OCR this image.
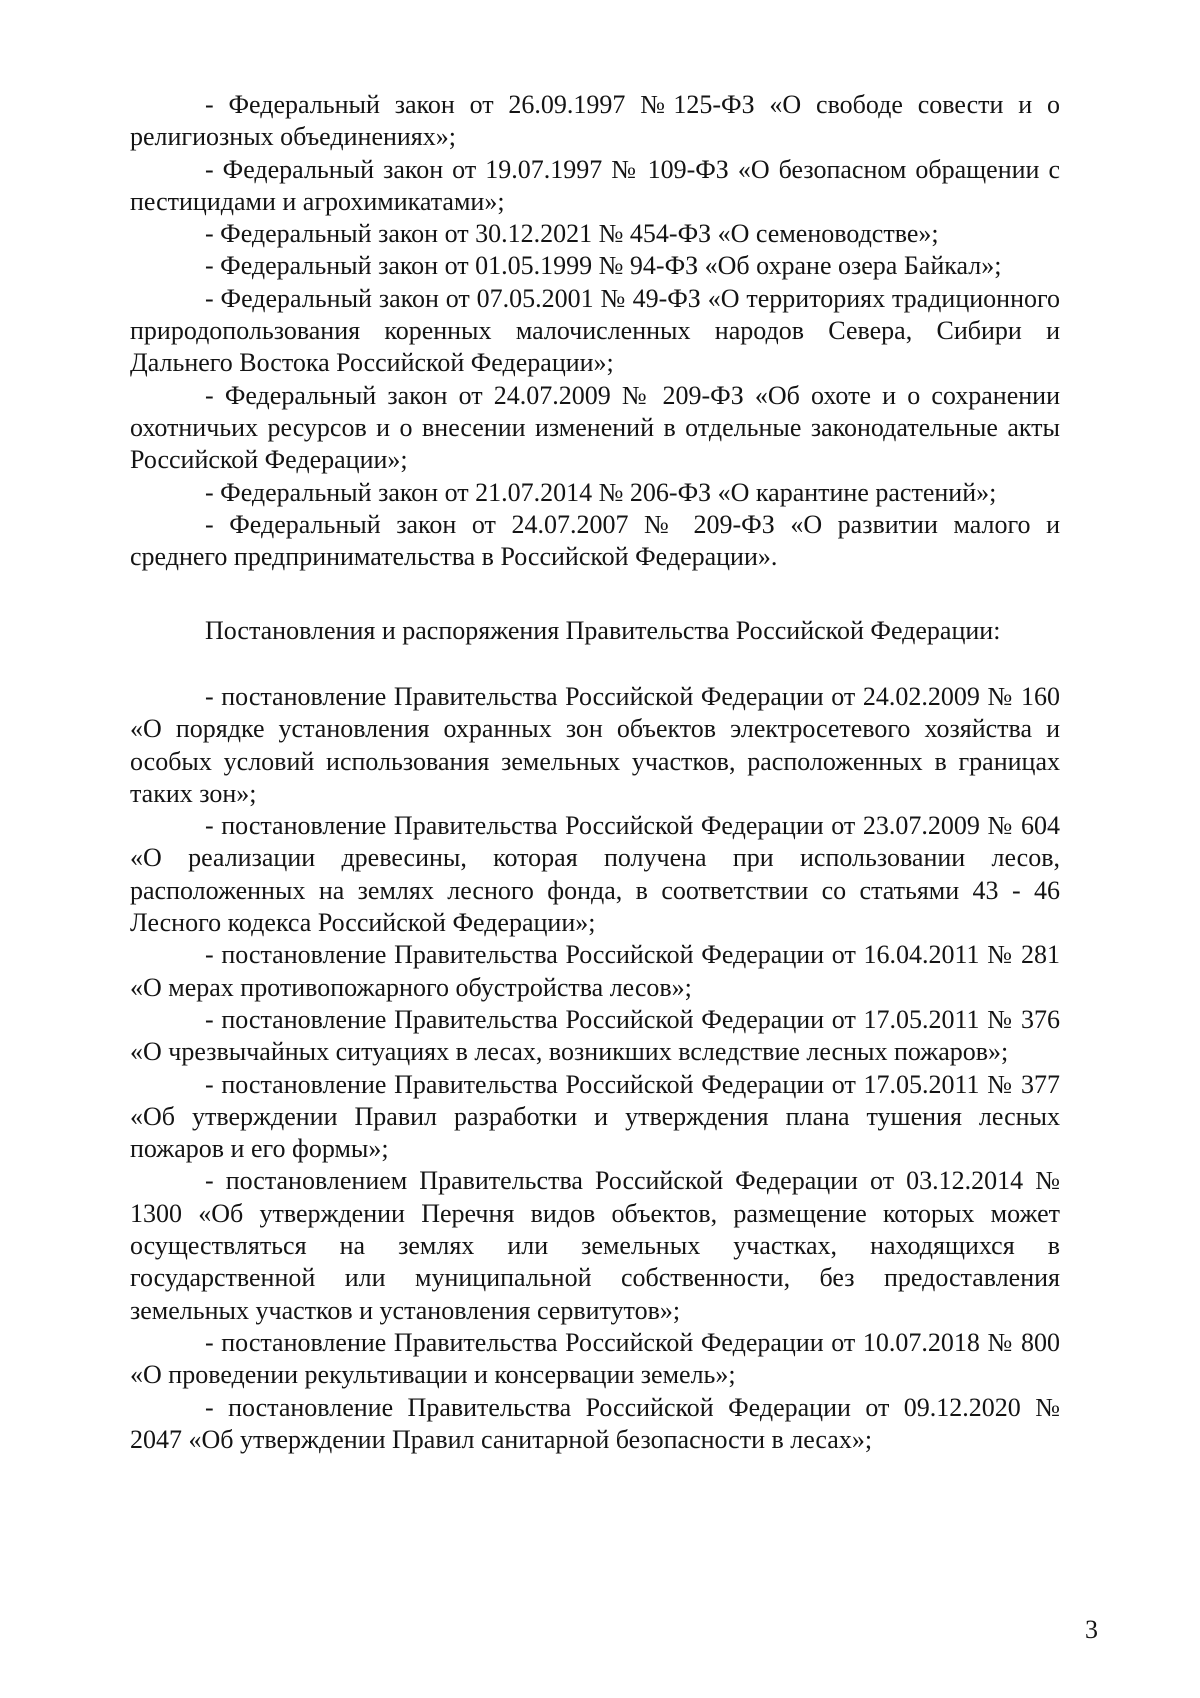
- Федеральный закон от 26.09.1997 №125-ФЗ «О свободе совести и о религиозных объединениях»;

- Федеральный закон от 19.07.1997 № 109-ФЗ «О безопасном обращении с пестицидами и агрохимикатами»;

- Федеральный закон от 30.12.2021 № 454-ФЗ «О семеноводстве»;

- Федеральный закон от 01.05.1999 № 94-ФЗ «Об охране озера Байкал»;

- Федеральный закон от 07.05.2001 № 49-ФЗ «О территориях традиционного природопользования коренных малочисленных народов Севера, Сибири и Дальнего Востока Российской Федерации»;

- Федеральный закон от 24.07.2009 № 209-ФЗ «Об охоте и о сохранении охотничьих ресурсов и о внесении изменений в отдельные законодательные акты Российской Федерации»;

- Федеральный закон от 21.07.2014 № 206-ФЗ «О карантине растений»;

- Федеральный закон от 24.07.2007 № 209-ФЗ «О развитии малого и среднего предпринимательства в Российской Федерации».

Постановления и распоряжения Правительства Российской Федерации:

- постановление Правительства Российской Федерации от 24.02.2009 № 160 «О порядке установления охранных зон объектов электросетевого хозяйства и особых условий использования земельных участков, расположенных в границах таких зон»;

- постановление Правительства Российской Федерации от 23.07.2009 № 604 «О реализации древесины, которая получена при использовании лесов, расположенных на землях лесного фонда, в соответствии со статьями 43 - 46 Лесного кодекса Российской Федерации»;

- постановление Правительства Российской Федерации от 16.04.2011 № 281 «О мерах противопожарного обустройства лесов»;

- постановление Правительства Российской Федерации от 17.05.2011 № 376 «О чрезвычайных ситуациях в лесах, возникших вследствие лесных пожаров»;

- постановление Правительства Российской Федерации от 17.05.2011 № 377 «Об утверждении Правил разработки и утверждения плана тушения лесных пожаров и его формы»;

- постановлением Правительства Российской Федерации от 03.12.2014 № 1300 «Об утверждении Перечня видов объектов, размещение которых может осуществляться на землях или земельных участках, находящихся в государственной или муниципальной собственности, без предоставления земельных участков и установления сервитутов»;

- постановление Правительства Российской Федерации от 10.07.2018 № 800 «О проведении рекультивации и консервации земель»;

- постановление Правительства Российской Федерации от 09.12.2020 № 2047 «Об утверждении Правил санитарной безопасности в лесах»;

3
